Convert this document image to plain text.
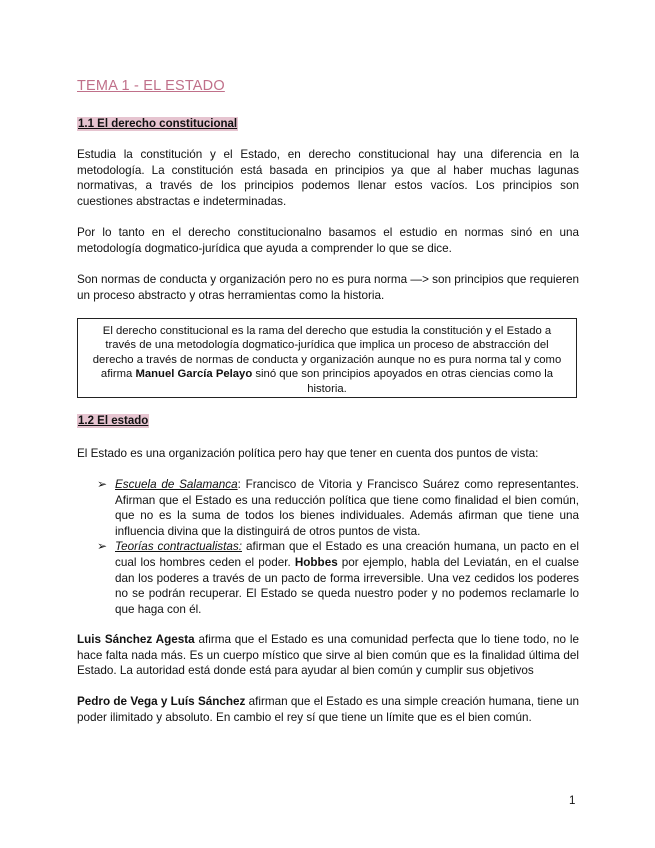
TEMA 1 - EL ESTADO
1.1 El derecho constitucional

Estudia la constitución y el Estado, en derecho constitucional hay una diferencia en la metodología. La constitución está basada en principios ya que al haber muchas lagunas normativas, a través de los principios podemos llenar estos vacíos. Los principios son cuestiones abstractas e indeterminadas.

Por lo tanto en el derecho constitucionalno basamos el estudio en normas sinó en una metodología dogmatico-jurídica que ayuda a comprender lo que se dice.

Son normas de conducta y organización pero no es pura norma —> son principios que requieren un proceso abstracto y otras herramientas como la historia.

El derecho constitucional es la rama del derecho que estudia la constitución y el Estado a través de una metodología dogmatico-jurídica que implica un proceso de abstracción del derecho a través de normas de conducta y organización aunque no es pura norma tal y como afirma Manuel García Pelayo sinó que son principios apoyados en otras ciencias como la historia.
1.2 El estado

El Estado es una organización política pero hay que tener en cuenta dos puntos de vista:

➢ Escuela de Salamanca: Francisco de Vitoria y Francisco Suárez como representantes. Afirman que el Estado es una reducción política que tiene como finalidad el bien común, que no es la suma de todos los bienes individuales. Además afirman que tiene una influencia divina que la distinguirá de otros puntos de vista.
➢ Teorías contractualistas: afirman que el Estado es una creación humana, un pacto en el cual los hombres ceden el poder. Hobbes por ejemplo, habla del Leviatán, en el cualse dan los poderes a través de un pacto de forma irreversible. Una vez cedidos los poderes no se podrán recuperar. El Estado se queda nuestro poder y no podemos reclamarle lo que haga con él.

Luis Sánchez Agesta afirma que el Estado es una comunidad perfecta que lo tiene todo, no le hace falta nada más. Es un cuerpo místico que sirve al bien común que es la finalidad última del Estado. La autoridad está donde está para ayudar al bien común y cumplir sus objetivos

Pedro de Vega y Luís Sánchez afirman que el Estado es una simple creación humana, tiene un poder ilimitado y absoluto. En cambio el rey sí que tiene un límite que es el bien común.

1
